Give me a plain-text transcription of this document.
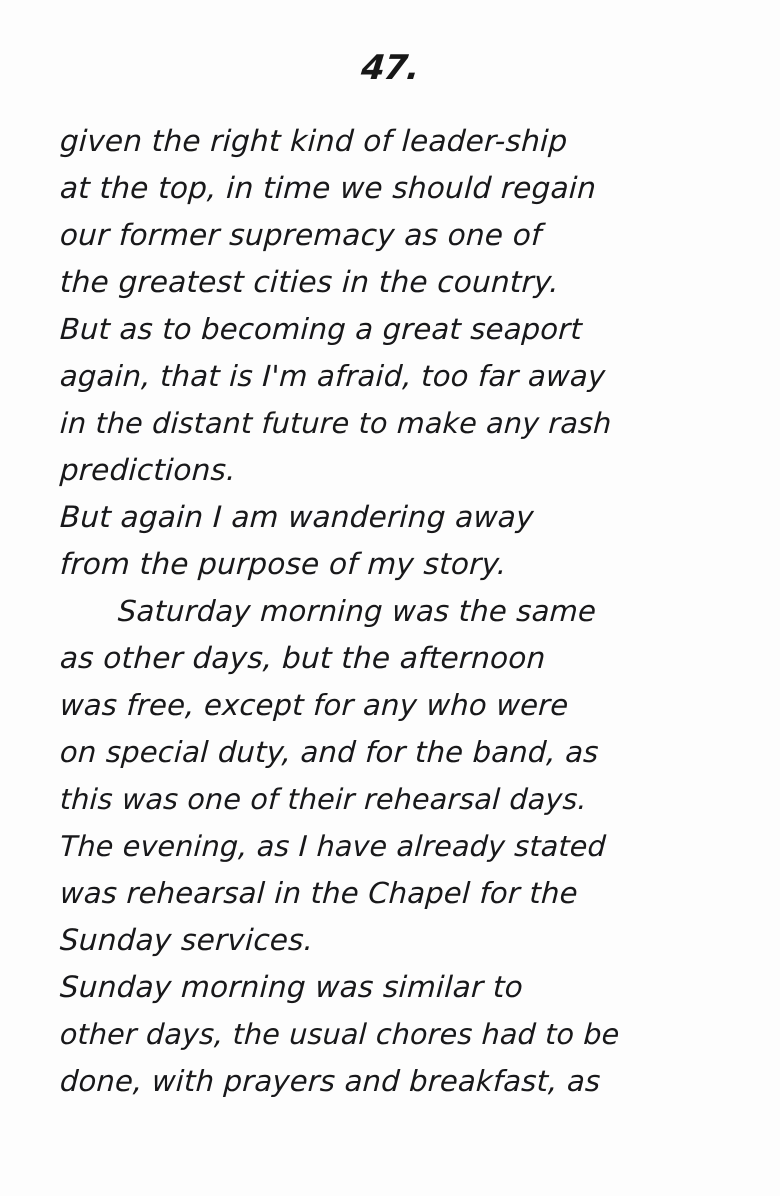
47.
given the right kind of leader-ship
at the top, in time we should regain
our former supremacy as one of
the greatest cities in the country.
But as to becoming a great seaport
again, that is I'm afraid, too far away
in the distant future to make any rash
predictions.
But again I am wandering away
from the purpose of my story.
Saturday morning was the same
as other days, but the afternoon
was free, except for any who were
on special duty, and for the band, as
this was one of their rehearsal days.
The evening, as I have already stated
was rehearsal in the Chapel for the
Sunday services.
Sunday morning was similar to
other days, the usual chores had to be
done, with prayers and breakfast, as
